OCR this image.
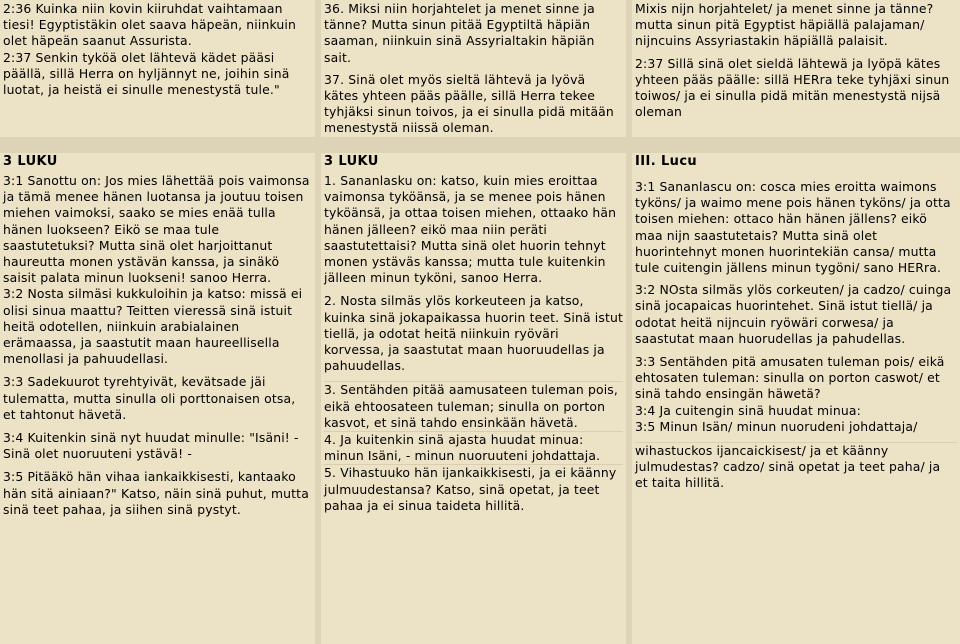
2:36 Kuinka niin kovin kiiruhdat vaihtamaan tiesi! Egyptistäkin olet saava häpeän, niinkuin olet häpeän saanut Assurista.

2:37 Senkin tyköä olet lähtevä kädet pääsi päällä, sillä Herra on hyljännyt ne, joihin sinä luotat, ja heistä ei sinulle menestystä tule."

36. Miksi niin horjahtelet ja menet sinne ja tänne? Mutta sinun pitää Egyptiltä häpiän saaman, niinkuin sinä Assyrialtakin häpiän sait.

37. Sinä olet myös sieltä lähtevä ja lyövä kätes yhteen pääs päälle, sillä Herra tekee tyhjäksi sinun toivos, ja ei sinulla pidä mitään menestystä niissä oleman.

Mixis nijn horjahtelet/ ja menet sinne ja tänne? mutta sinun pitä Egyptist häpiällä palajaman/ nijncuins Assyriastakin häpiällä palaisit.

2:37 Sillä sinä olet sieldä lähtewä ja lyöpä kätes yhteen pääs päälle: sillä HERra teke tyhjäxi sinun toiwos/ ja ei sinulla pidä mitän menestystä nijsä oleman

3 LUKU	3 LUKU	III. Lucu

3:1 Sanottu on: Jos mies lähettää pois vaimonsa ja tämä menee hänen luotansa ja joutuu toisen miehen vaimoksi, saako se mies enää tulla hänen luokseen? Eikö se maa tule saastutetuksi? Mutta sinä olet harjoittanut haureutta monen ystävän kanssa, ja sinäkö saisit palata minun luokseni! sanoo Herra.

3:2 Nosta silmäsi kukkuloihin ja katso: missä ei olisi sinua maattu? Teitten vieressä sinä istuit heitä odotellen, niinkuin arabialainen erämaassa, ja saastutit maan haureellisella menollasi ja pahuudellasi.

3:3 Sadekuurot tyrehtyivät, kevätsade jäi tulematta, mutta sinulla oli porttonaisen otsa, et tahtonut hävetä.

3:4 Kuitenkin sinä nyt huudat minulle: "Isäni! - Sinä olet nuoruuteni ystävä! -

3:5 Pitääkö hän vihaa iankaikkisesti, kantaako hän sitä ainiaan?" Katso, näin sinä puhut, mutta sinä teet pahaa, ja siihen sinä pystyt.

1. Sananlasku on: katso, kuin mies eroittaa vaimonsa tyköänsä, ja se menee pois hänen tyköänsä, ja ottaa toisen miehen, ottaako hän hänen jälleen? eikö maa niin peräti saastutettaisi? Mutta sinä olet huorin tehnyt monen ystäväs kanssa; mutta tule kuitenkin jälleen minun tyköni, sanoo Herra.

2. Nosta silmäs ylös korkeuteen ja katso, kuinka sinä jokapaikassa huorin teet. Sinä istut tiellä, ja odotat heitä niinkuin ryöväri korvessa, ja saastutat maan huoruudellas ja pahuudellas.

3. Sentähden pitää aamusateen tuleman pois, eikä ehtoosateen tuleman; sinulla on porton kasvot, et sinä tahdo ensinkään hävetä.

4. Ja kuitenkin sinä ajasta huudat minua: minun Isäni, - minun nuoruuteni johdattaja.

5. Vihastuuko hän ijankaikkisesti, ja ei käänny julmuudestansa? Katso, sinä opetat, ja teet pahaa ja ei sinua taideta hillitä.

3:1 Sananlascu on: cosca mies eroitta waimons tyköns/ ja waimo mene pois hänen tyköns/ ja otta toisen miehen: ottaco hän hänen jällens? eikö maa nijn saastutetais? Mutta sinä olet huorintehnyt monen huorintekiän cansa/ mutta tule cuitengin jällens minun tygöni/ sano HERra.

3:2 NOsta silmäs ylös corkeuten/ ja cadzo/ cuinga sinä jocapaicas huorintehet. Sinä istut tiellä/ ja odotat heitä nijncuin ryöwäri corwesa/ ja saastutat maan huorudellas ja pahudellas.

3:3 Sentähden pitä amusaten tuleman pois/ eikä ehtosaten tuleman: sinulla on porton caswot/ et sinä tahdo ensingän häwetä?

3:4 Ja cuitengin sinä huudat minua:
3:5 Minun Isän/ minun nuorudeni johdattaja/

wihastuckos ijancaickisest/ ja et käänny julmudestas? cadzo/ sinä opetat ja teet paha/ ja et taita hillitä.
